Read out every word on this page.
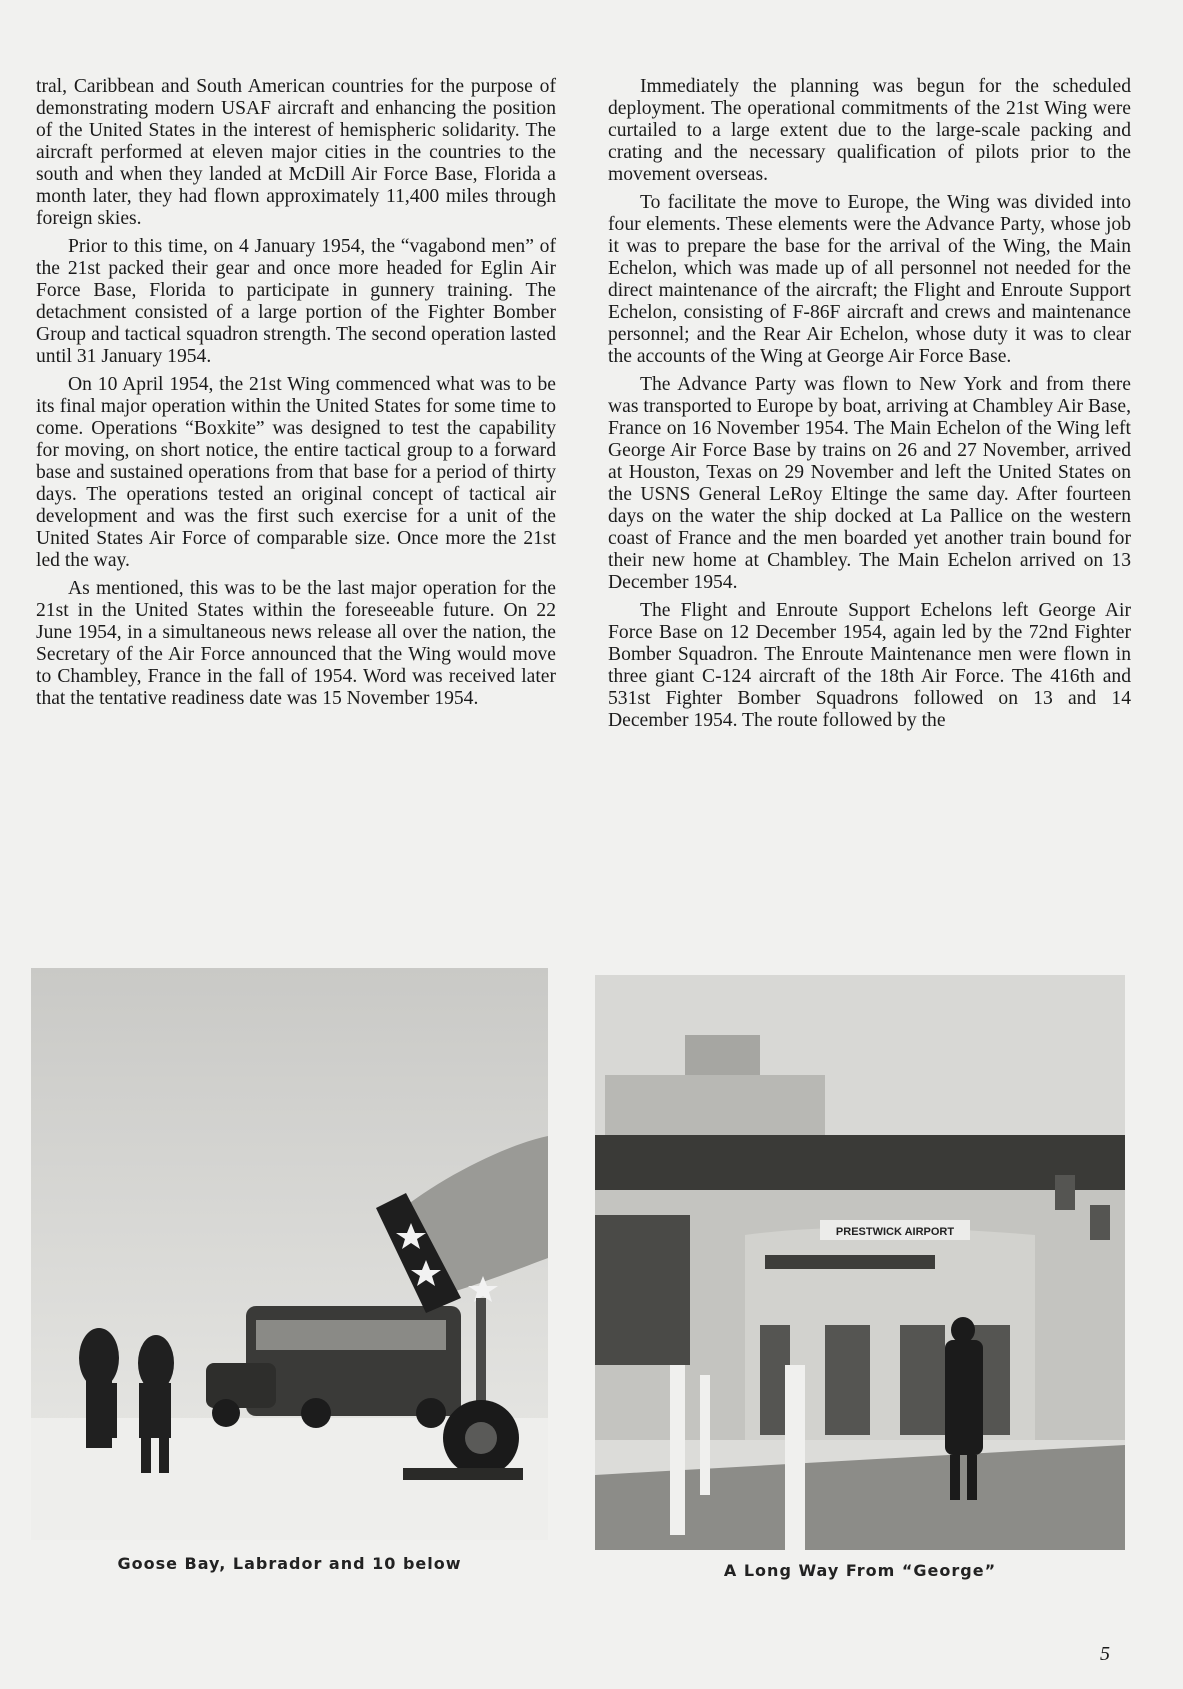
tral, Caribbean and South American countries for the purpose of demonstrating modern USAF aircraft and enhancing the position of the United States in the interest of hemispheric solidarity. The aircraft performed at eleven major cities in the countries to the south and when they landed at McDill Air Force Base, Florida a month later, they had flown approximately 11,400 miles through foreign skies.

Prior to this time, on 4 January 1954, the “vagabond men” of the 21st packed their gear and once more headed for Eglin Air Force Base, Florida to participate in gunnery training. The detachment consisted of a large portion of the Fighter Bomber Group and tactical squadron strength. The second operation lasted until 31 January 1954.

On 10 April 1954, the 21st Wing commenced what was to be its final major operation within the United States for some time to come. Operations “Boxkite” was designed to test the capability for moving, on short notice, the entire tactical group to a forward base and sustained operations from that base for a period of thirty days. The operations tested an original concept of tactical air development and was the first such exercise for a unit of the United States Air Force of comparable size. Once more the 21st led the way.

As mentioned, this was to be the last major operation for the 21st in the United States within the foreseeable future. On 22 June 1954, in a simultaneous news release all over the nation, the Secretary of the Air Force announced that the Wing would move to Chambley, France in the fall of 1954. Word was received later that the tentative readiness date was 15 November 1954.

Immediately the planning was begun for the scheduled deployment. The operational commitments of the 21st Wing were curtailed to a large extent due to the large-scale packing and crating and the necessary qualification of pilots prior to the movement overseas.

To facilitate the move to Europe, the Wing was divided into four elements. These elements were the Advance Party, whose job it was to prepare the base for the arrival of the Wing, the Main Echelon, which was made up of all personnel not needed for the direct maintenance of the aircraft; the Flight and Enroute Support Echelon, consisting of F-86F aircraft and crews and maintenance personnel; and the Rear Air Echelon, whose duty it was to clear the accounts of the Wing at George Air Force Base.

The Advance Party was flown to New York and from there was transported to Europe by boat, arriving at Chambley Air Base, France on 16 November 1954. The Main Echelon of the Wing left George Air Force Base by trains on 26 and 27 November, arrived at Houston, Texas on 29 November and left the United States on the USNS General LeRoy Eltinge the same day. After fourteen days on the water the ship docked at La Pallice on the western coast of France and the men boarded yet another train bound for their new home at Chambley. The Main Echelon arrived on 13 December 1954.

The Flight and Enroute Support Echelons left George Air Force Base on 12 December 1954, again led by the 72nd Fighter Bomber Squadron. The Enroute Maintenance men were flown in three giant C-124 aircraft of the 18th Air Force. The 416th and 531st Fighter Bomber Squadrons followed on 13 and 14 December 1954. The route followed by the

PRESTWICK AIRPORT
Goose Bay, Labrador and 10 below	A Long Way From “George”
5
